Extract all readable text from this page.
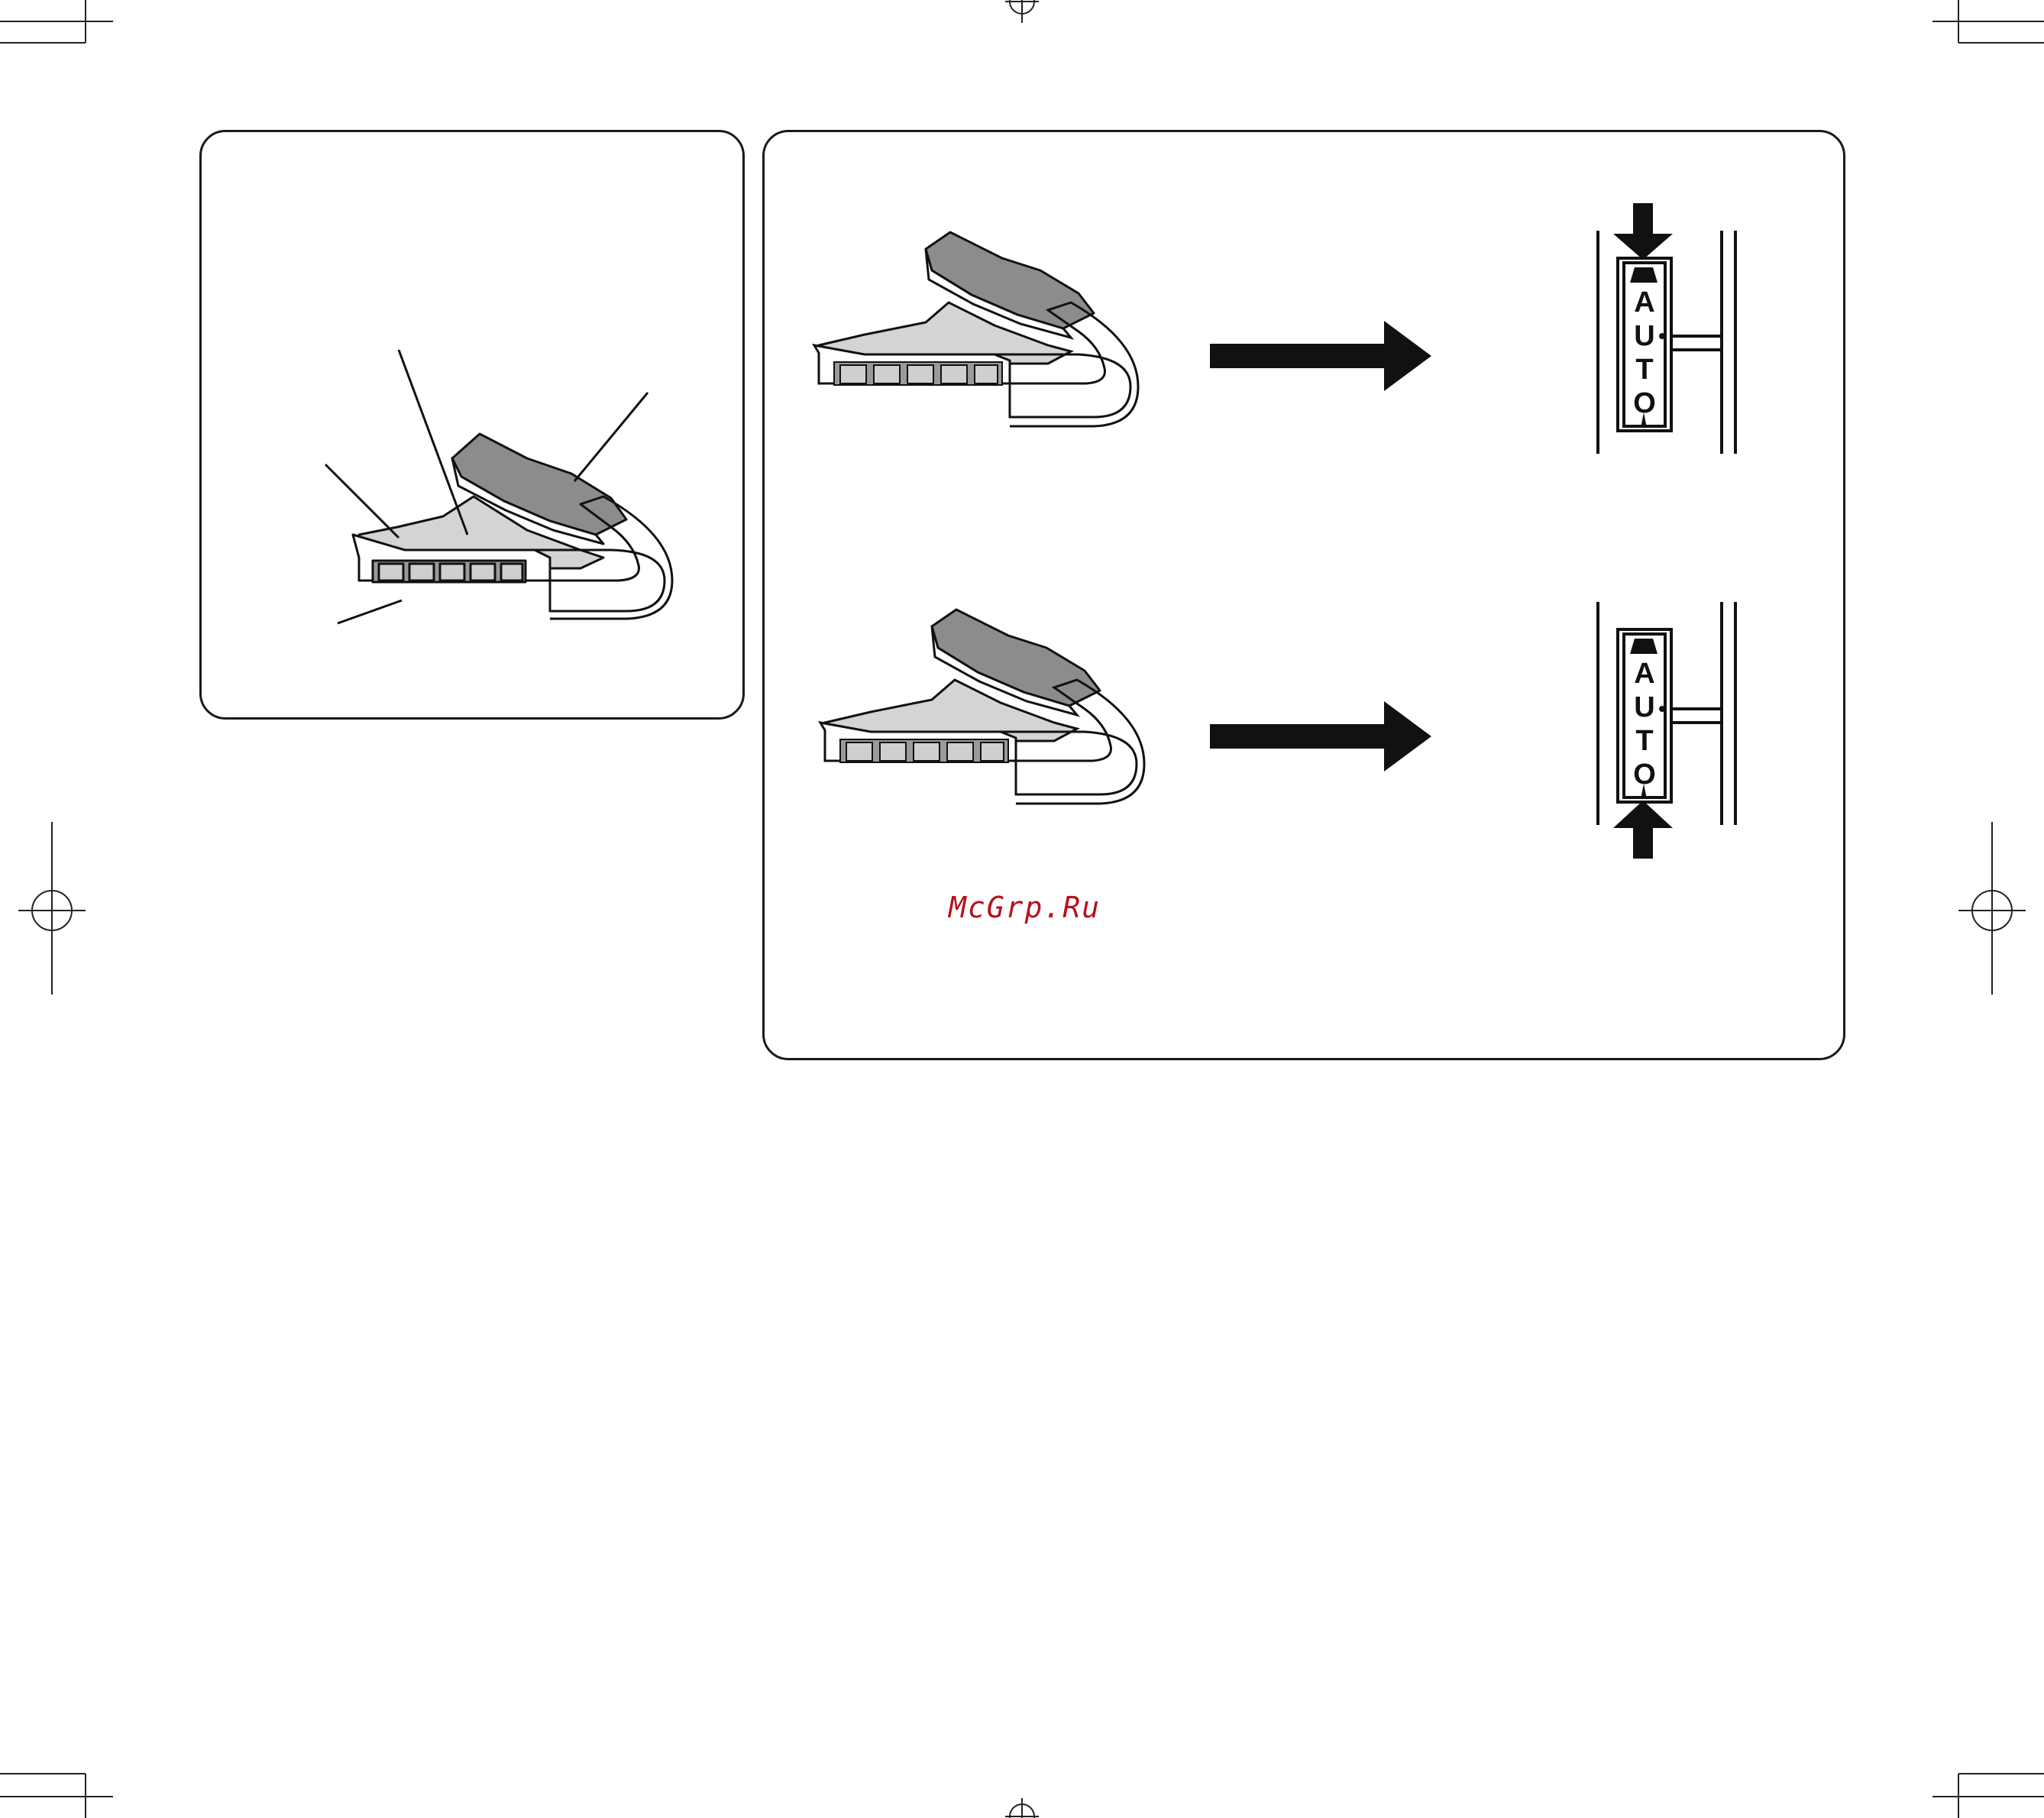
A
U
T
O
A
U
T
O
McGrp.Ru
